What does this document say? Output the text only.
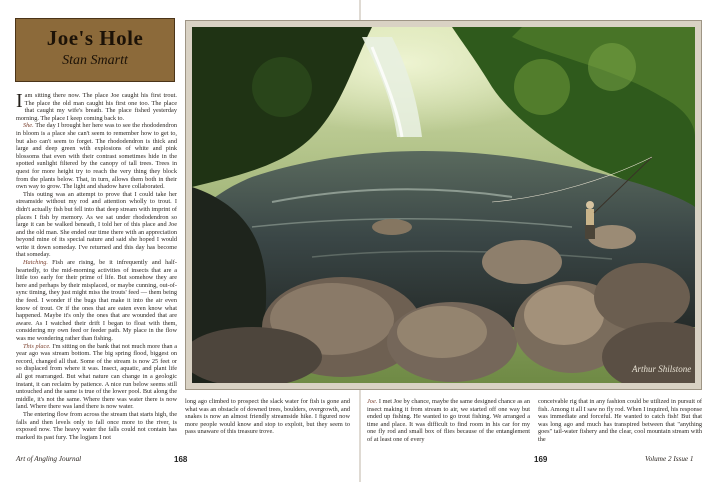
Joe's Hole
Stan Smartt

Iam sitting there now. The place Joe caught his first trout. The place the old man caught his first one too. The place that caught my wife's breath. The place fished yesterday morning. The place I keep coming back to.

She. The day I brought her here was to see the rhododendron in bloom is a place she can't seem to remember how to get to, but also can't seem to forget. The rhododendron is thick and large and deep green with explosions of white and pink blossoms that even with their contrast sometimes hide in the spotted sunlight filtered by the canopy of tall trees. Trees in quest for more height try to reach the very thing they block from the plants below. That, in turn, allows them both in their own way to grow. The light and shadow have collaborated.

This outing was an attempt to prove that I could take her streamside without my rod and attention wholly to trout. I didn't actually fish but fell into that deep stream with imprint of places I fish by memory. As we sat under rhododendron so large it can be walked beneath, I told her of this place and Joe and the old man. She ended our time there with an appreciation beyond mine of its special nature and said she hoped I would write it down someday. I've returned and this day has become that someday.

Hatching. Fish are rising, be it infrequently and half-heartedly, to the mid-morning activities of insects that are a little too early for their prime of life. But somehow they are here and perhaps by their misplaced, or maybe cunning, out-of-sync timing, they just might miss the trouts' feed — them being the feed. I wonder if the bugs that make it into the air even know of trout. Or if the ones that are eaten even know what happened. Maybe it's only the ones that are wounded that are aware. As I watched their drift I began to float with them, considering my own feed or feeder path. My place in the flow was me wondering rather than fishing.

This place. I'm sitting on the bank that not much more than a year ago was stream bottom. The big spring flood, biggest on record, changed all that. Some of the stream is now 25 feet or so displaced from where it was. Insect, aquatic, and plant life all got rearranged. But what nature can change in a geologic instant, it can reclaim by patience. A nice run below seems still untouched and the same is true of the lower pool. But along the middle, it's not the same. Where there was water there is now land. Where there was land there is now water.

The entering flow from across the stream that starts high, the falls and then levels only to fall once more to the river, is exposed now. The heavy water the falls could not contain has marked its past fury. The logjam I not

long ago climbed to prospect the slack water for fish is gone and what was an obstacle of downed trees, boulders, overgrowth, and snakes is now an almost friendly streamside hike. I figured now more people would know and stop to exploit, but they seem to pass unaware of this treasure trove.

Joe. I met Joe by chance, maybe the same designed chance as an insect making it from stream to air, we started off one way but ended up fishing. He wanted to go trout fishing. We arranged a time and place. It was difficult to find room in his car for my one fly rod and small box of flies because of the entanglement of at least one of every

conceivable rig that in any fashion could be utilized in pursuit of fish. Among it all I saw no fly rod. When I inquired, his response was immediate and forceful. He wanted to catch fish! But that was long ago and much has transpired between that "anything goes" tail-water fishery and the clear, cool mountain stream with the

Arthur Shilstone
Art of Angling Journal	168	169	Volume 2 Issue 1
